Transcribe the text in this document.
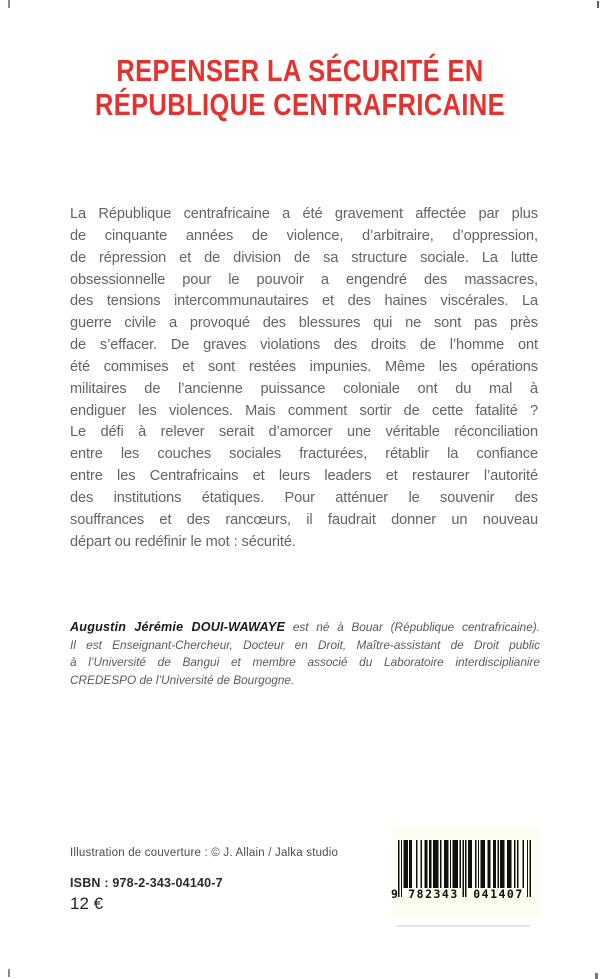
REPENSER LA SÉCURITÉ EN
RÉPUBLIQUE CENTRAFRICAINE
La République centrafricaine a été gravement affectée par plus
de cinquante années de violence, d’arbitraire, d’oppression,
de répression et de division de sa structure sociale. La lutte
obsessionnelle pour le pouvoir a engendré des massacres,
des tensions intercommunautaires et des haines viscérales. La
guerre civile a provoqué des blessures qui ne sont pas près
de s’effacer. De graves violations des droits de l’homme ont
été commises et sont restées impunies. Même les opérations
militaires de l’ancienne puissance coloniale ont du mal à
endiguer les violences. Mais comment sortir de cette fatalité ?
Le défi à relever serait d’amorcer une véritable réconciliation
entre les couches sociales fracturées, rétablir la confiance
entre les Centrafricains et leurs leaders et restaurer l’autorité
des institutions étatiques. Pour atténuer le souvenir des
souffrances et des rancœurs, il faudrait donner un nouveau
départ ou redéfinir le mot : sécurité.
Augustin Jérémie DOUI-WAWAYE est né à Bouar (République centrafricaine).
Il est Enseignant-Chercheur, Docteur en Droit, Maître-assistant de Droit public
à l’Université de Bangui et membre associé du Laboratoire interdisciplianire
CREDESPO de l’Université de Bourgogne.
Illustration de couverture : © J. Allain / Jalka studio
ISBN : 978-2-343-04140-7
12 €	9 782343 041407
